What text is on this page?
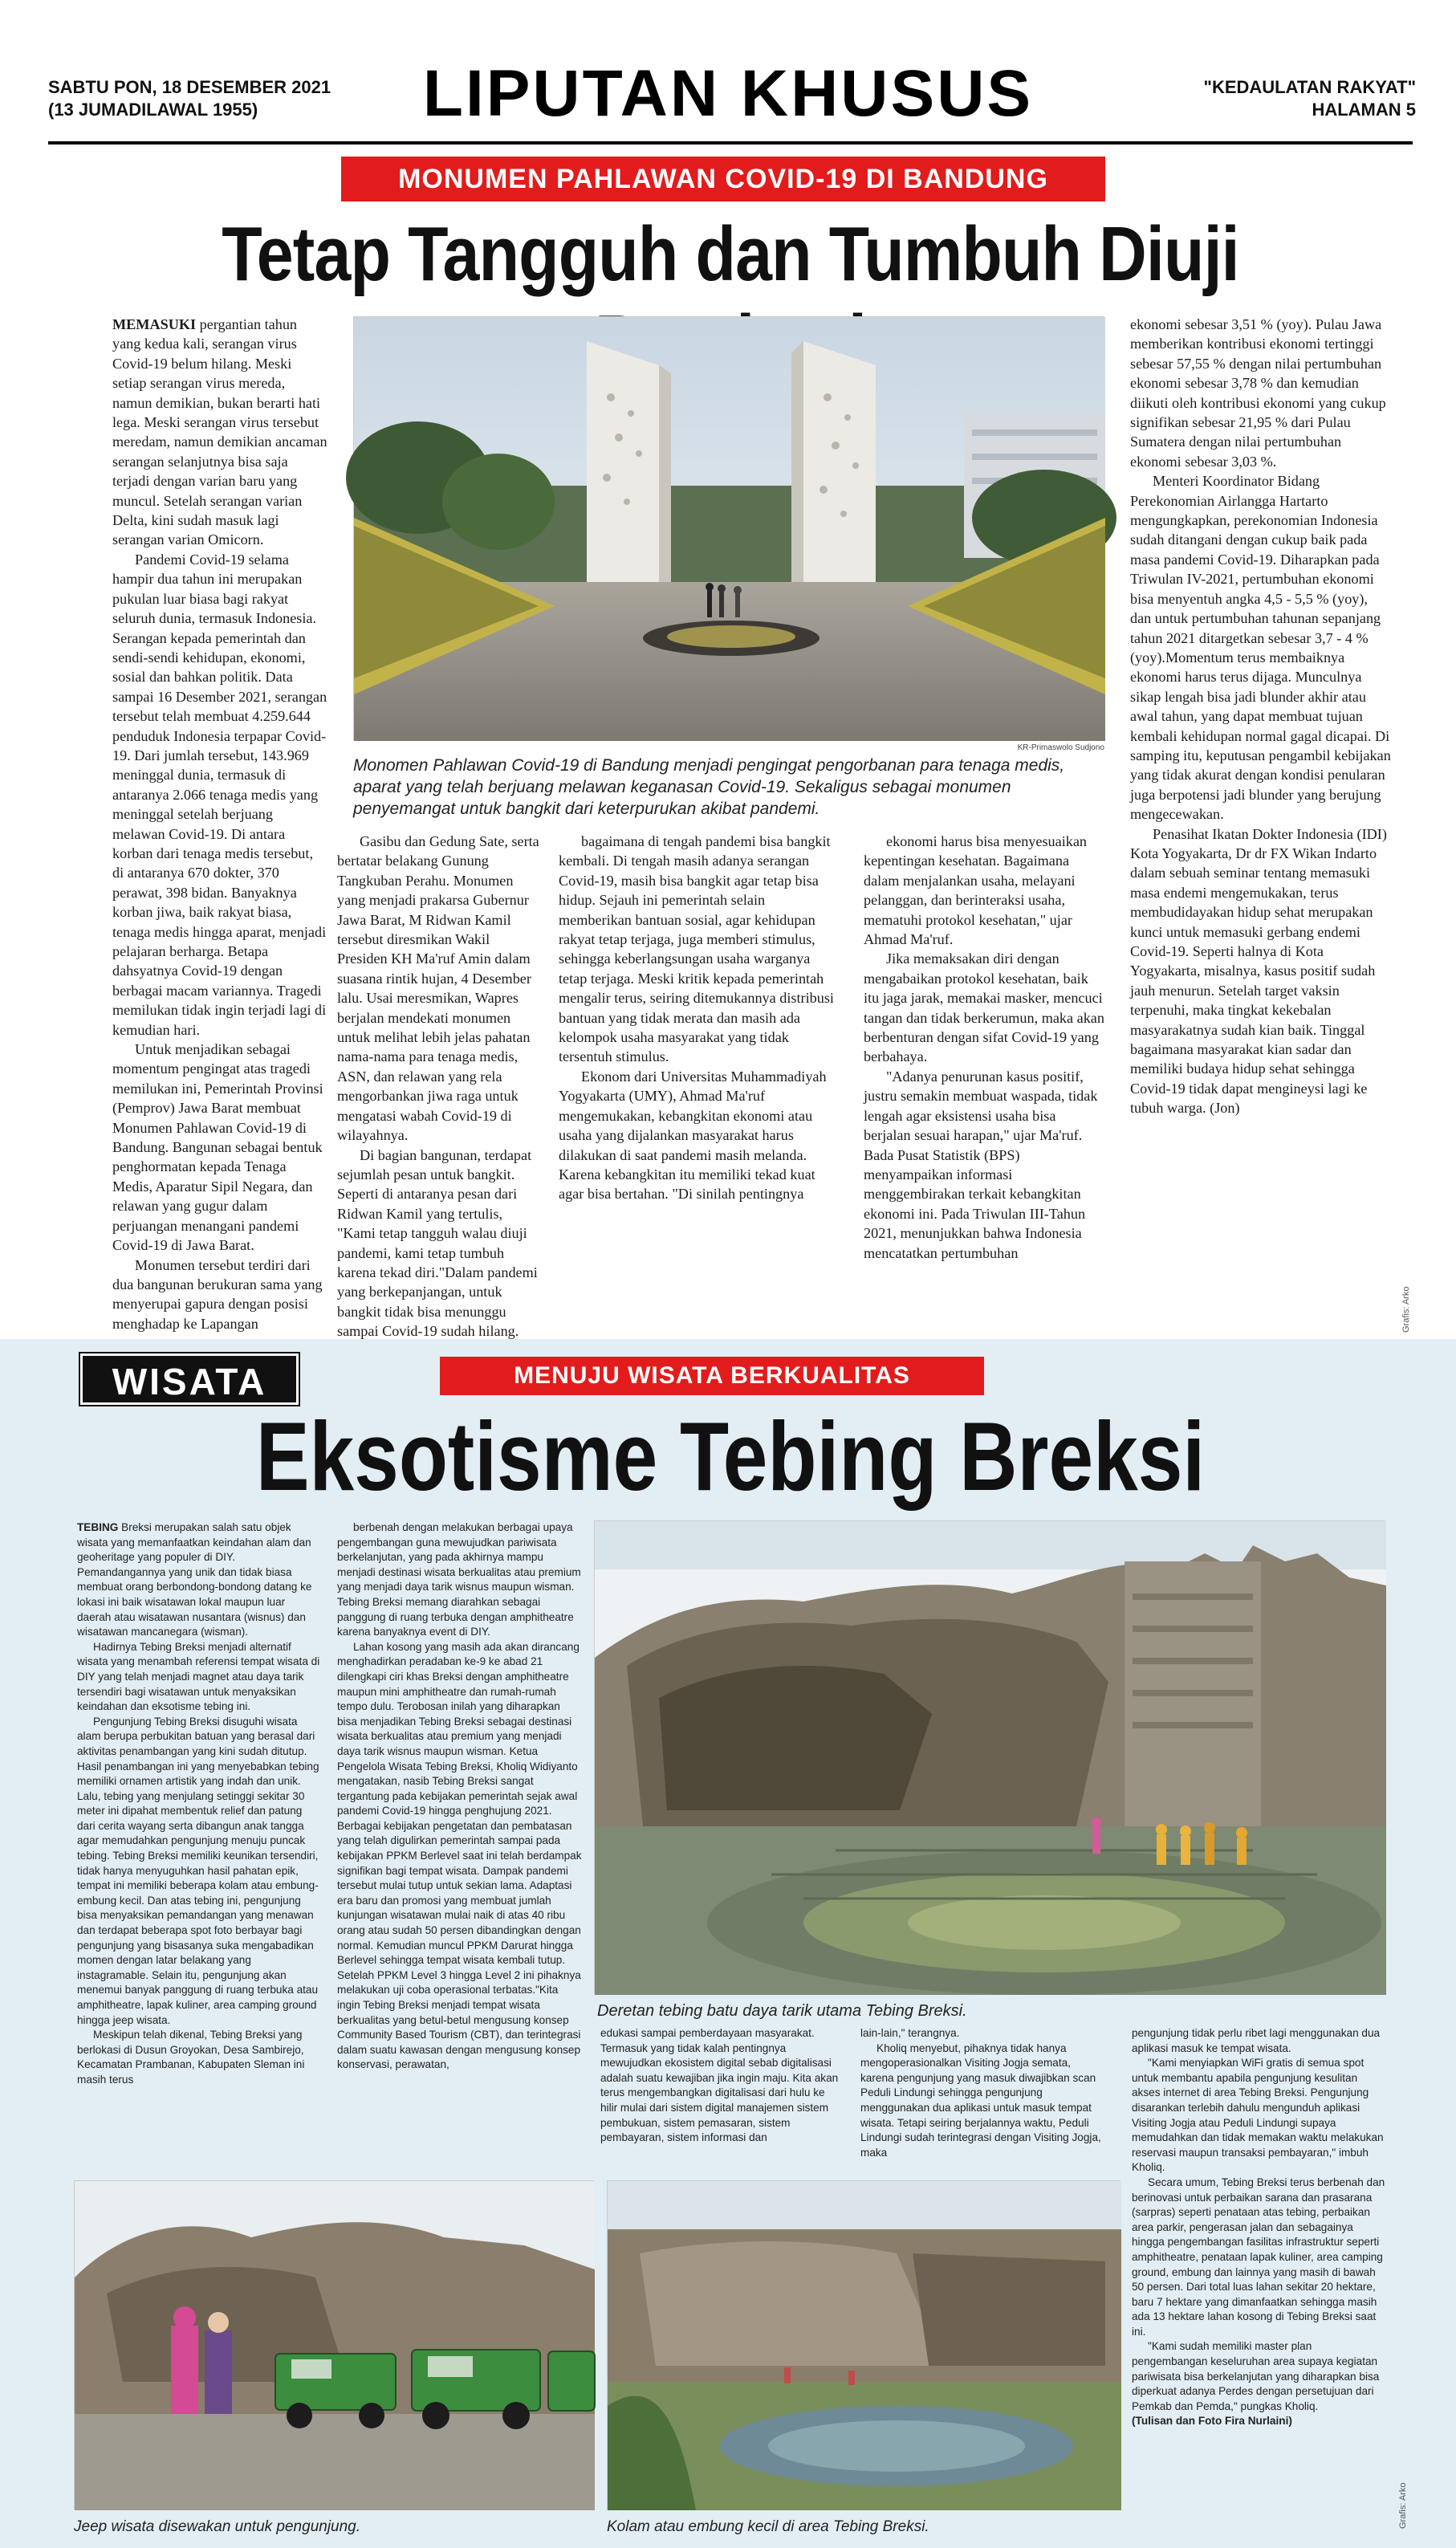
SABTU PON, 18 DESEMBER 2021
(13 JUMADILAWAL 1955)	LIPUTAN KHUSUS	"KEDAULATAN RAKYAT"
HALAMAN 5
MONUMEN PAHLAWAN COVID-19 DI BANDUNG
Tetap Tangguh dan Tumbuh Diuji

MEMASUKI pergantian tahun yang kedua kali, serangan virus Covid-19 belum hilang. Meski setiap serangan virus mereda, namun demikian, bukan berarti hati lega. Meski serangan virus tersebut meredam, namun demikian ancaman serangan selanjutnya bisa saja terjadi dengan varian baru yang muncul. Setelah serangan varian Delta, kini sudah masuk lagi serangan varian Omicorn.

Pandemi Covid-19 selama hampir dua tahun ini merupakan pukulan luar biasa bagi rakyat seluruh dunia, termasuk Indonesia. Serangan kepada pemerintah dan sendi-sendi kehidupan, ekonomi, sosial dan bahkan politik. Data sampai 16 Desember 2021, serangan tersebut telah membuat 4.259.644 penduduk Indonesia terpapar Covid-19. Dari jumlah tersebut, 143.969 meninggal dunia, termasuk di antaranya 2.066 tenaga medis yang meninggal setelah berjuang melawan Covid-19. Di antara korban dari tenaga medis tersebut, di antaranya 670 dokter, 370 perawat, 398 bidan. Banyaknya korban jiwa, baik rakyat biasa, tenaga medis hingga aparat, menjadi pelajaran berharga. Betapa dahsyatnya Covid-19 dengan berbagai macam variannya. Tragedi memilukan tidak ingin terjadi lagi di kemudian hari.

Untuk menjadikan sebagai momentum pengingat atas tragedi memilukan ini, Pemerintah Provinsi (Pemprov) Jawa Barat membuat Monumen Pahlawan Covid-19 di Bandung. Bangunan sebagai bentuk penghormatan kepada Tenaga Medis, Aparatur Sipil Negara, dan relawan yang gugur dalam perjuangan menangani pandemi Covid-19 di Jawa Barat.

Monumen tersebut terdiri dari dua bangunan berukuran sama yang menyerupai gapura dengan posisi menghadap ke Lapangan

KR-Primaswolo Sudjono
Monomen Pahlawan Covid-19 di Bandung menjadi pengingat pengorbanan para tenaga medis, aparat yang telah berjuang melawan keganasan Covid-19. Sekaligus sebagai monumen penyemangat untuk bangkit dari keterpurukan akibat pandemi.

Gasibu dan Gedung Sate, serta bertatar belakang Gunung Tangkuban Perahu. Monumen yang menjadi prakarsa Gubernur Jawa Barat, M Ridwan Kamil tersebut diresmikan Wakil Presiden KH Ma'ruf Amin dalam suasana rintik hujan, 4 Desember lalu. Usai meresmikan, Wapres berjalan mendekati monumen untuk melihat lebih jelas pahatan nama-nama para tenaga medis, ASN, dan relawan yang rela mengorbankan jiwa raga untuk mengatasi wabah Covid-19 di wilayahnya.

Di bagian bangunan, terdapat sejumlah pesan untuk bangkit. Seperti di antaranya pesan dari Ridwan Kamil yang tertulis, "Kami tetap tangguh walau diuji pandemi, kami tetap tumbuh karena tekad diri."Dalam pandemi yang berkepanjangan, untuk bangkit tidak bisa menunggu sampai Covid-19 sudah hilang.

bagaimana di tengah pandemi bisa bangkit kembali. Di tengah masih adanya serangan Covid-19, masih bisa bangkit agar tetap bisa hidup. Sejauh ini pemerintah selain memberikan bantuan sosial, agar kehidupan rakyat tetap terjaga, juga memberi stimulus, sehingga keberlangsungan usaha warganya tetap terjaga. Meski kritik kepada pemerintah mengalir terus, seiring ditemukannya distribusi bantuan yang tidak merata dan masih ada kelompok usaha masyarakat yang tidak tersentuh stimulus.

Ekonom dari Universitas Muhammadiyah Yogyakarta (UMY), Ahmad Ma'ruf mengemukakan, kebangkitan ekonomi atau usaha yang dijalankan masyarakat harus dilakukan di saat pandemi masih melanda. Karena kebangkitan itu memiliki tekad kuat agar bisa bertahan. "Di sinilah pentingnya

ekonomi harus bisa menyesuaikan kepentingan kesehatan. Bagaimana dalam menjalankan usaha, melayani pelanggan, dan berinteraksi usaha, mematuhi protokol kesehatan," ujar Ahmad Ma'ruf.

Jika memaksakan diri dengan mengabaikan protokol kesehatan, baik itu jaga jarak, memakai masker, mencuci tangan dan tidak berkerumun, maka akan berbenturan dengan sifat Covid-19 yang berbahaya.

"Adanya penurunan kasus positif, justru semakin membuat waspada, tidak lengah agar eksistensi usaha bisa berjalan sesuai harapan," ujar Ma'ruf. Bada Pusat Statistik (BPS) menyampaikan informasi menggembirakan terkait kebangkitan ekonomi ini. Pada Triwulan III-Tahun 2021, menunjukkan bahwa Indonesia mencatatkan pertumbuhan

ekonomi sebesar 3,51 % (yoy). Pulau Jawa memberikan kontribusi ekonomi tertinggi sebesar 57,55 % dengan nilai pertumbuhan ekonomi sebesar 3,78 % dan kemudian diikuti oleh kontribusi ekonomi yang cukup signifikan sebesar 21,95 % dari Pulau Sumatera dengan nilai pertumbuhan ekonomi sebesar 3,03 %.

Menteri Koordinator Bidang Perekonomian Airlangga Hartarto mengungkapkan, perekonomian Indonesia sudah ditangani dengan cukup baik pada masa pandemi Covid-19. Diharapkan pada Triwulan IV-2021, pertumbuhan ekonomi bisa menyentuh angka 4,5 - 5,5 % (yoy), dan untuk pertumbuhan tahunan sepanjang tahun 2021 ditargetkan sebesar 3,7 - 4 % (yoy).Momentum terus membaiknya ekonomi harus terus dijaga. Munculnya sikap lengah bisa jadi blunder akhir atau awal tahun, yang dapat membuat tujuan kembali kehidupan normal gagal dicapai. Di samping itu, keputusan pengambil kebijakan yang tidak akurat dengan kondisi penularan juga berpotensi jadi blunder yang berujung mengecewakan.

Penasihat Ikatan Dokter Indonesia (IDI) Kota Yogyakarta, Dr dr FX Wikan Indarto dalam sebuah seminar tentang memasuki masa endemi mengemukakan, terus membudidayakan hidup sehat merupakan kunci untuk memasuki gerbang endemi Covid-19. Seperti halnya di Kota Yogyakarta, misalnya, kasus positif sudah jauh menurun. Setelah target vaksin terpenuhi, maka tingkat kekebalan masyarakatnya sudah kian baik. Tinggal bagaimana masyarakat kian sadar dan memiliki budaya hidup sehat sehingga Covid-19 tidak dapat mengineysi lagi ke tubuh warga. (Jon)

Grafis: Arko
WISATA	MENUJU WISATA BERKUALITAS
Eksotisme Tebing Breksi

TEBING Breksi merupakan salah satu objek wisata yang memanfaatkan keindahan alam dan geoheritage yang populer di DIY. Pemandangannya yang unik dan tidak biasa membuat orang berbondong-bondong datang ke lokasi ini baik wisatawan lokal maupun luar daerah atau wisatawan nusantara (wisnus) dan wisatawan mancanegara (wisman).

Hadirnya Tebing Breksi menjadi alternatif wisata yang menambah referensi tempat wisata di DIY yang telah menjadi magnet atau daya tarik tersendiri bagi wisatawan untuk menyaksikan keindahan dan eksotisme tebing ini.

Pengunjung Tebing Breksi disuguhi wisata alam berupa perbukitan batuan yang berasal dari aktivitas penambangan yang kini sudah ditutup. Hasil penambangan ini yang menyebabkan tebing memiliki ornamen artistik yang indah dan unik. Lalu, tebing yang menjulang setinggi sekitar 30 meter ini dipahat membentuk relief dan patung dari cerita wayang serta dibangun anak tangga agar memudahkan pengunjung menuju puncak tebing. Tebing Breksi memiliki keunikan tersendiri, tidak hanya menyuguhkan hasil pahatan epik, tempat ini memiliki beberapa kolam atau embung-embung kecil. Dan atas tebing ini, pengunjung bisa menyaksikan pemandangan yang menawan dan terdapat beberapa spot foto berbayar bagi pengunjung yang bisasanya suka mengabadikan momen dengan latar belakang yang instagramable. Selain itu, pengunjung akan menemui banyak panggung di ruang terbuka atau amphitheatre, lapak kuliner, area camping ground hingga jeep wisata.

Meskipun telah dikenal, Tebing Breksi yang berlokasi di Dusun Groyokan, Desa Sambirejo, Kecamatan Prambanan, Kabupaten Sleman ini masih terus

berbenah dengan melakukan berbagai upaya pengembangan guna mewujudkan pariwisata berkelanjutan, yang pada akhirnya mampu menjadi destinasi wisata berkualitas atau premium yang menjadi daya tarik wisnus maupun wisman. Tebing Breksi memang diarahkan sebagai panggung di ruang terbuka dengan amphitheatre karena banyaknya event di DIY.

Lahan kosong yang masih ada akan dirancang menghadirkan peradaban ke-9 ke abad 21 dilengkapi ciri khas Breksi dengan amphitheatre maupun mini amphitheatre dan rumah-rumah tempo dulu. Terobosan inilah yang diharapkan bisa menjadikan Tebing Breksi sebagai destinasi wisata berkualitas atau premium yang menjadi daya tarik wisnus maupun wisman. Ketua Pengelola Wisata Tebing Breksi, Kholiq Widiyanto mengatakan, nasib Tebing Breksi sangat tergantung pada kebijakan pemerintah sejak awal pandemi Covid-19 hingga penghujung 2021. Berbagai kebijakan pengetatan dan pembatasan yang telah digulirkan pemerintah sampai pada kebijakan PPKM Berlevel saat ini telah berdampak signifikan bagi tempat wisata. Dampak pandemi tersebut mulai tutup untuk sekian lama. Adaptasi era baru dan promosi yang membuat jumlah kunjungan wisatawan mulai naik di atas 40 ribu orang atau sudah 50 persen dibandingkan dengan normal. Kemudian muncul PPKM Darurat hingga Berlevel sehingga tempat wisata kembali tutup. Setelah PPKM Level 3 hingga Level 2 ini pihaknya melakukan uji coba operasional terbatas."Kita ingin Tebing Breksi menjadi tempat wisata berkualitas yang betul-betul mengusung konsep Community Based Tourism (CBT), dan terintegrasi dalam suatu kawasan dengan mengusung konsep konservasi, perawatan,

Deretan tebing batu daya tarik utama Tebing Breksi.

edukasi sampai pemberdayaan masyarakat. Termasuk yang tidak kalah pentingnya mewujudkan ekosistem digital sebab digitalisasi adalah suatu kewajiban jika ingin maju. Kita akan terus mengembangkan digitalisasi dari hulu ke hilir mulai dari sistem digital manajemen sistem pembukuan, sistem pemasaran, sistem pembayaran, sistem informasi dan

lain-lain," terangnya.

Kholiq menyebut, pihaknya tidak hanya mengoperasionalkan Visiting Jogja semata, karena pengunjung yang masuk diwajibkan scan Peduli Lindungi sehingga pengunjung menggunakan dua aplikasi untuk masuk tempat wisata. Tetapi seiring berjalannya waktu, Peduli Lindungi sudah terintegrasi dengan Visiting Jogja, maka

pengunjung tidak perlu ribet lagi menggunakan dua aplikasi masuk ke tempat wisata.

"Kami menyiapkan WiFi gratis di semua spot untuk membantu apabila pengunjung kesulitan akses internet di area Tebing Breksi. Pengunjung disarankan terlebih dahulu mengunduh aplikasi Visiting Jogja atau Peduli Lindungi supaya memudahkan dan tidak memakan waktu melakukan reservasi maupun transaksi pembayaran," imbuh Kholiq.

Secara umum, Tebing Breksi terus berbenah dan berinovasi untuk perbaikan sarana dan prasarana (sarpras) seperti penataan atas tebing, perbaikan area parkir, pengerasan jalan dan sebagainya hingga pengembangan fasilitas infrastruktur seperti amphitheatre, penataan lapak kuliner, area camping ground, embung dan lainnya yang masih di bawah 50 persen. Dari total luas lahan sekitar 20 hektare, baru 7 hektare yang dimanfaatkan sehingga masih ada 13 hektare lahan kosong di Tebing Breksi saat ini.

"Kami sudah memiliki master plan pengembangan keseluruhan area supaya kegiatan pariwisata bisa berkelanjutan yang diharapkan bisa diperkuat adanya Perdes dengan persetujuan dari Pemkab dan Pemda," pungkas Kholiq.

(Tulisan dan Foto Fira Nurlaini)

Grafis: Arko
Jeep wisata disewakan untuk pengunjung.	Kolam atau embung kecil di area Tebing Breksi.
